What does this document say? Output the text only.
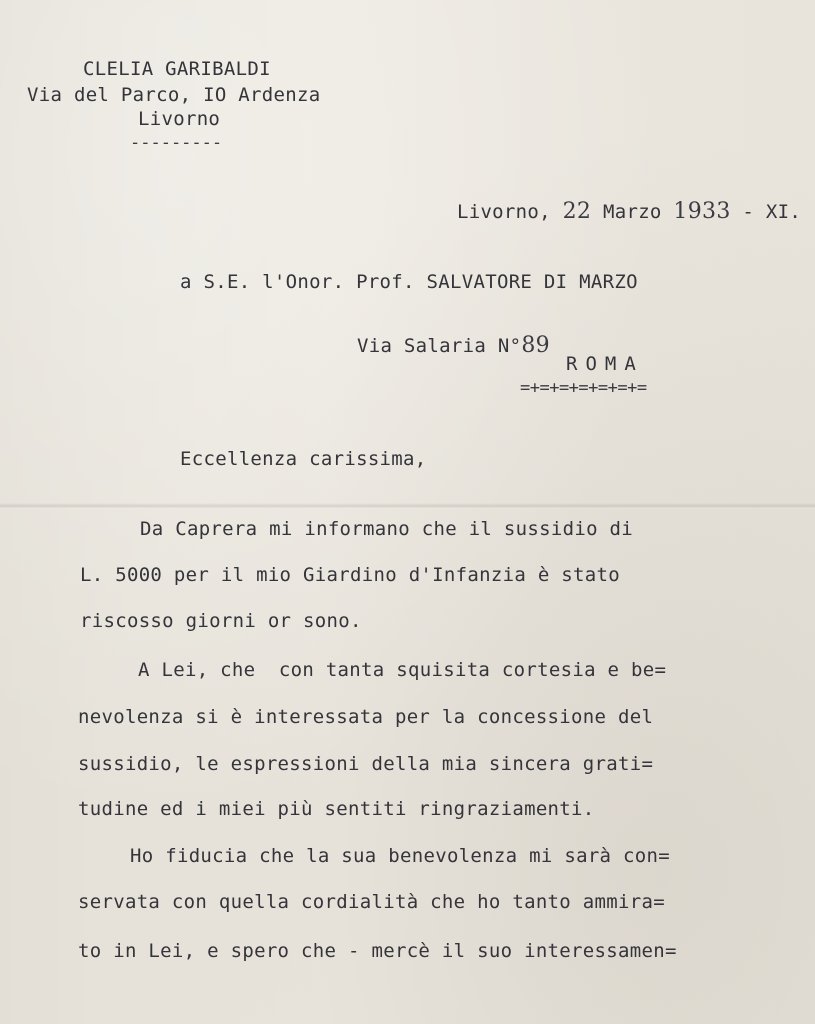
CLELIA GARIBALDI
Via del Parco, IO Ardenza
Livorno
---------

Livorno, 22 Marzo 1933 - XI.

a S.E. l'Onor. Prof. SALVATORE DI MARZO

Via Salaria N°89

ROMA
=+=+=+=+=+=+=
Eccellenza carissima,
Da Caprera mi informano che il sussidio di
L. 5000 per il mio Giardino d'Infanzia è stato
riscosso giorni or sono.
A Lei, che  con tanta squisita cortesia e be=
nevolenza si è interessata per la concessione del
sussidio, le espressioni della mia sincera grati=
tudine ed i miei più sentiti ringraziamenti.
Ho fiducia che la sua benevolenza mi sarà con=
servata con quella cordialità che ho tanto ammira=
to in Lei, e spero che - mercè il suo interessamen=
